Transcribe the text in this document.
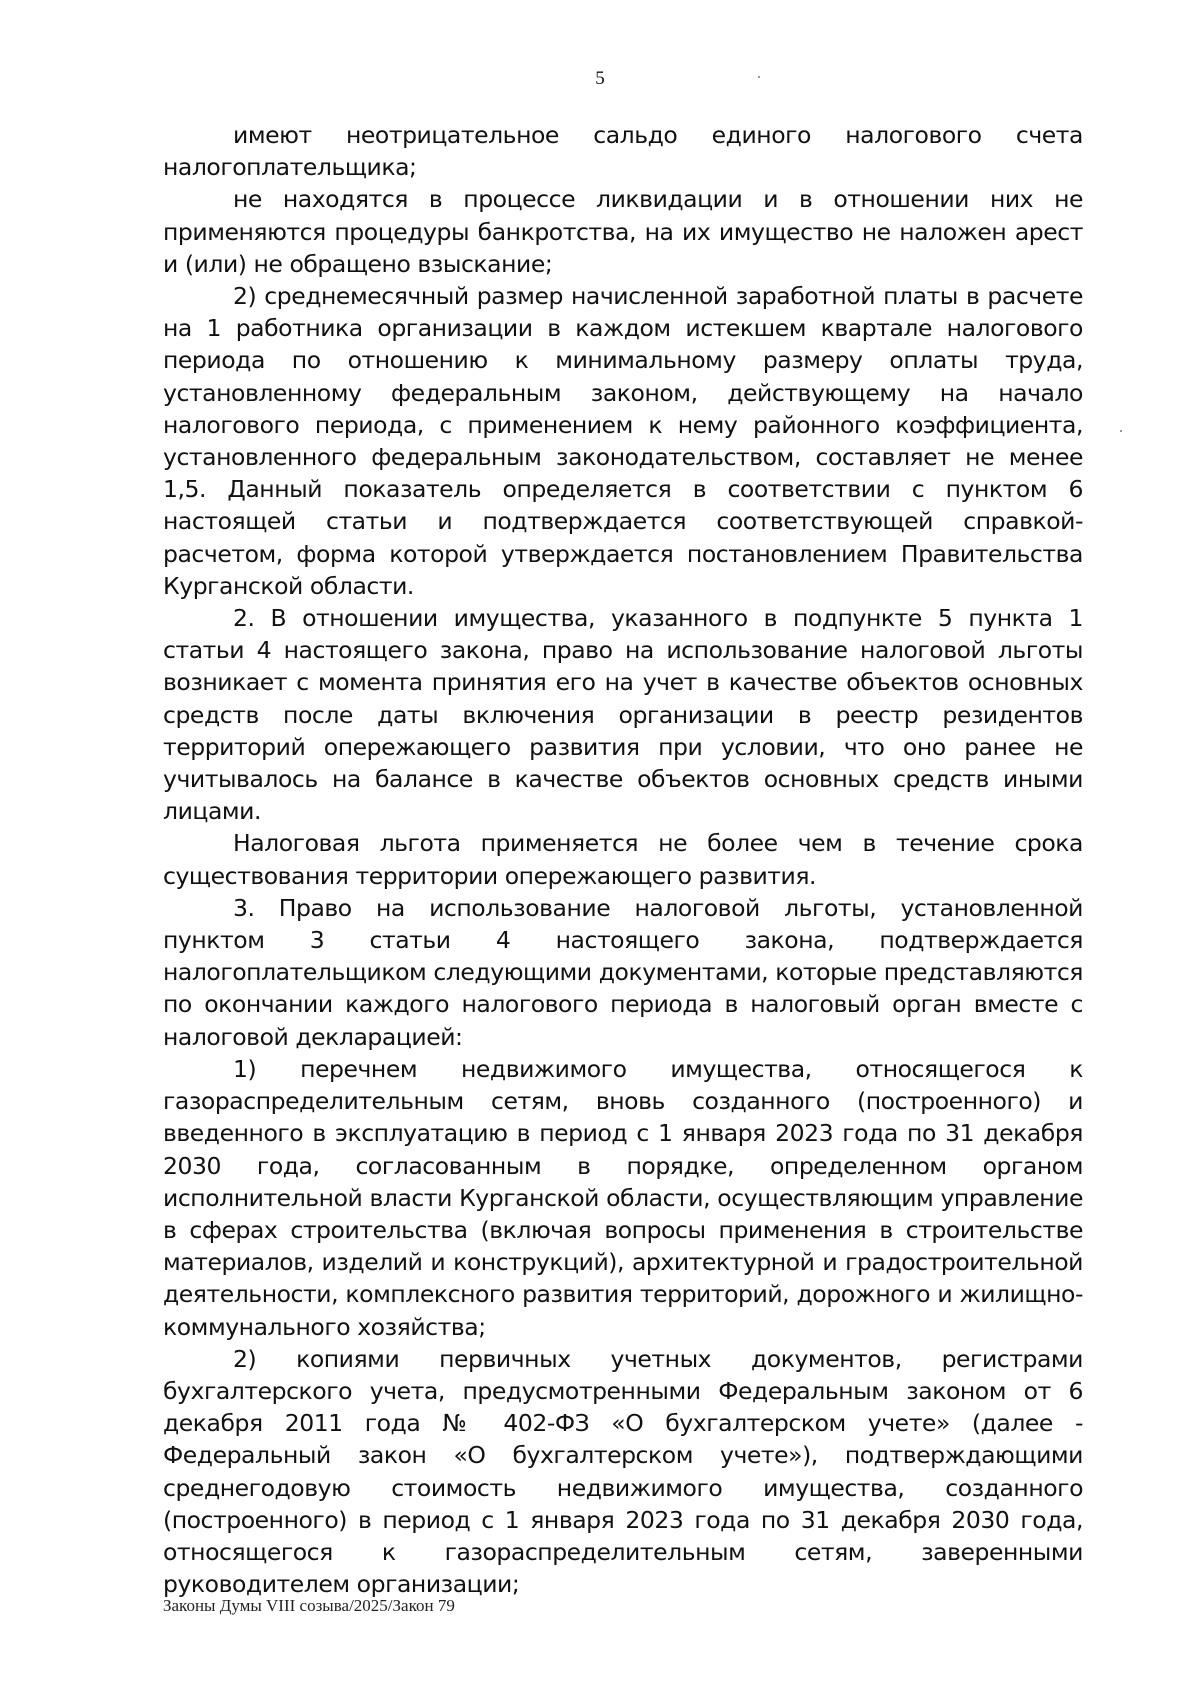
5

имеют неотрицательное сальдо единого налогового счета налогоплательщика;

не находятся в процессе ликвидации и в отношении них не применяются процедуры банкротства, на их имущество не наложен арест и (или) не обращено взыскание;

2) среднемесячный размер начисленной заработной платы в расчете на 1 работника организации в каждом истекшем квартале налогового периода по отношению к минимальному размеру оплаты труда, установленному федеральным законом, действующему на начало налогового периода, с применением к нему районного коэффициента, установленного федеральным законодательством, составляет не менее 1,5. Данный показатель определяется в соответствии с пунктом 6 настоящей статьи и подтверждается соответствующей справкой-расчетом, форма которой утверждается постановлением Правительства Курганской области.

2. В отношении имущества, указанного в подпункте 5 пункта 1 статьи 4 настоящего закона, право на использование налоговой льготы возникает с момента принятия его на учет в качестве объектов основных средств после даты включения организации в реестр резидентов территорий опережающего развития при условии, что оно ранее не учитывалось на балансе в качестве объектов основных средств иными лицами.

Налоговая льгота применяется не более чем в течение срока существования территории опережающего развития.

3. Право на использование налоговой льготы, установленной пунктом 3 статьи 4 настоящего закона, подтверждается налогоплательщиком следующими документами, которые представляются по окончании каждого налогового периода в налоговый орган вместе с налоговой декларацией:

1) перечнем недвижимого имущества, относящегося к газораспределительным сетям, вновь созданного (построенного) и введенного в эксплуатацию в период с 1 января 2023 года по 31 декабря 2030 года, согласованным в порядке, определенном органом исполнительной власти Курганской области, осуществляющим управление в сферах строительства (включая вопросы применения в строительстве материалов, изделий и конструкций), архитектурной и градостроительной деятельности, комплексного развития территорий, дорожного и жилищно-коммунального хозяйства;

2) копиями первичных учетных документов, регистрами бухгалтерского учета, предусмотренными Федеральным законом от 6 декабря 2011 года № 402-ФЗ «О бухгалтерском учете» (далее - Федеральный закон «О бухгалтерском учете»), подтверждающими среднегодовую стоимость недвижимого имущества, созданного (построенного) в период с 1 января 2023 года по 31 декабря 2030 года, относящегося к газораспределительным сетям, заверенными руководителем организации;

Законы Думы VIII созыва/2025/Закон 79
